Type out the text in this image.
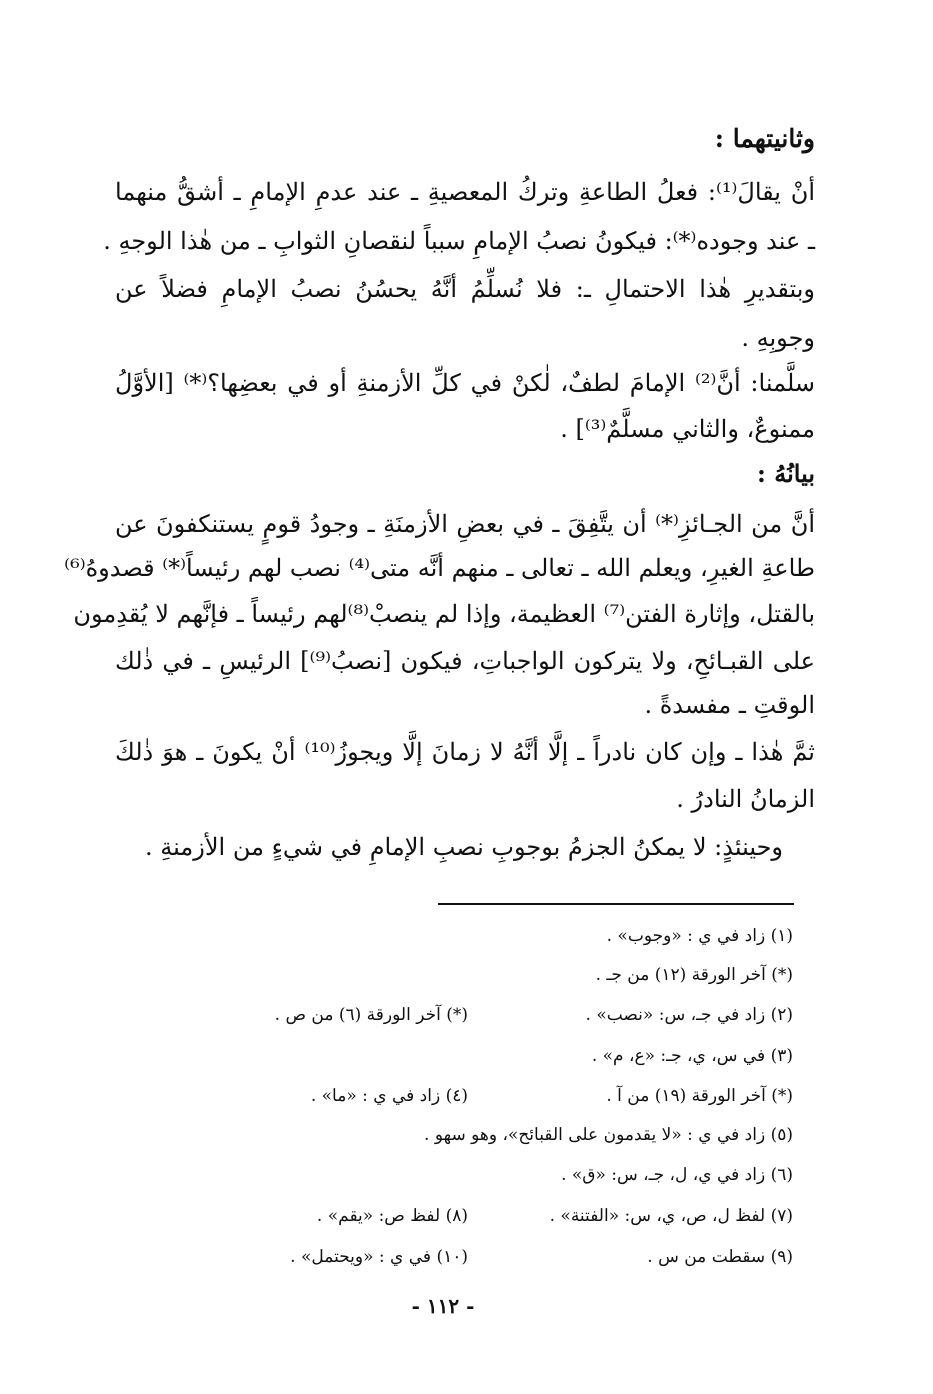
وثانيتهما :
أنْ يقالَ⁽¹⁾: فعلُ الطاعةِ وتركُ المعصيةِ ـ عند عدمِ الإمامِ ـ أشقُّ منهما
ـ عند وجوده⁽*⁾: فيكونُ نصبُ الإمامِ سبباً لنقصانِ الثوابِ ـ من هٰذا الوجهِ .
وبتقديرِ هٰذا الاحتمالِ ـ: فلا نُسلِّمُ أنَّهُ يحسُنُ نصبُ الإمامِ فضلاً عن
وجوبِهِ .
سلَّمنا: أنَّ⁽²⁾ الإمامَ لطفٌ، لٰكنْ في كلِّ الأزمنةِ أو في بعضِها؟⁽*⁾ [الأوَّلُ
ممنوعٌ، والثاني مسلَّمٌ⁽³⁾] .
بيانُهُ :
أنَّ من الجـائزِ⁽*⁾ أن يتَّفِقَ ـ في بعضِ الأزمنَةِ ـ وجودُ قومٍ يستنكفونَ عن
طاعةِ الغيرِ، ويعلم الله ـ تعالى ـ منهم أنَّه متى⁽⁴⁾ نصب لهم رئيساً⁽*⁾ قصدوهُ⁽⁶⁾
بالقتل، وإثارة الفتن⁽⁷⁾ العظيمة، وإذا لم ينصبْ⁽⁸⁾لهم رئيساً ـ فإنَّهم لا يُقدِمون
على القبـائحِ، ولا يتركون الواجباتِ، فيكون [نصبُ⁽⁹⁾] الرئيسِ ـ في ذٰلك
الوقتِ ـ مفسدةً .
ثمَّ هٰذا ـ وإن كان نادراً ـ إلَّا أنَّهُ لا زمانَ إلَّا ويجوزُ⁽¹⁰⁾ أنْ يكونَ ـ هوَ ذٰلكَ
الزمانُ النادرُ .
وحينئذٍ: لا يمكنُ الجزمُ بوجوبِ نصبِ الإمامِ في شيءٍ من الأزمنةِ .
(١) زاد في ي : «وجوب» .
(*) آخر الورقة (١٢) من جـ .
(٢) زاد في جـ، س: «نصب» .
(*) آخر الورقة (٦) من ص .
(٣) في س، ي، جـ: «ع، م» .
(*) آخر الورقة (١٩) من آ .
(٤) زاد في ي : «ما» .
(٥) زاد في ي : «لا يقدمون على القبائح»، وهو سهو .
(٦) زاد في ي، ل، جـ، س: «ق» .
(٧) لفظ ل، ص، ي، س: «الفتنة» .
(٨) لفظ ص: «يقم» .
(٩) سقطت من س .
(١٠) في ي : «ويحتمل» .
- ١١٢ -
